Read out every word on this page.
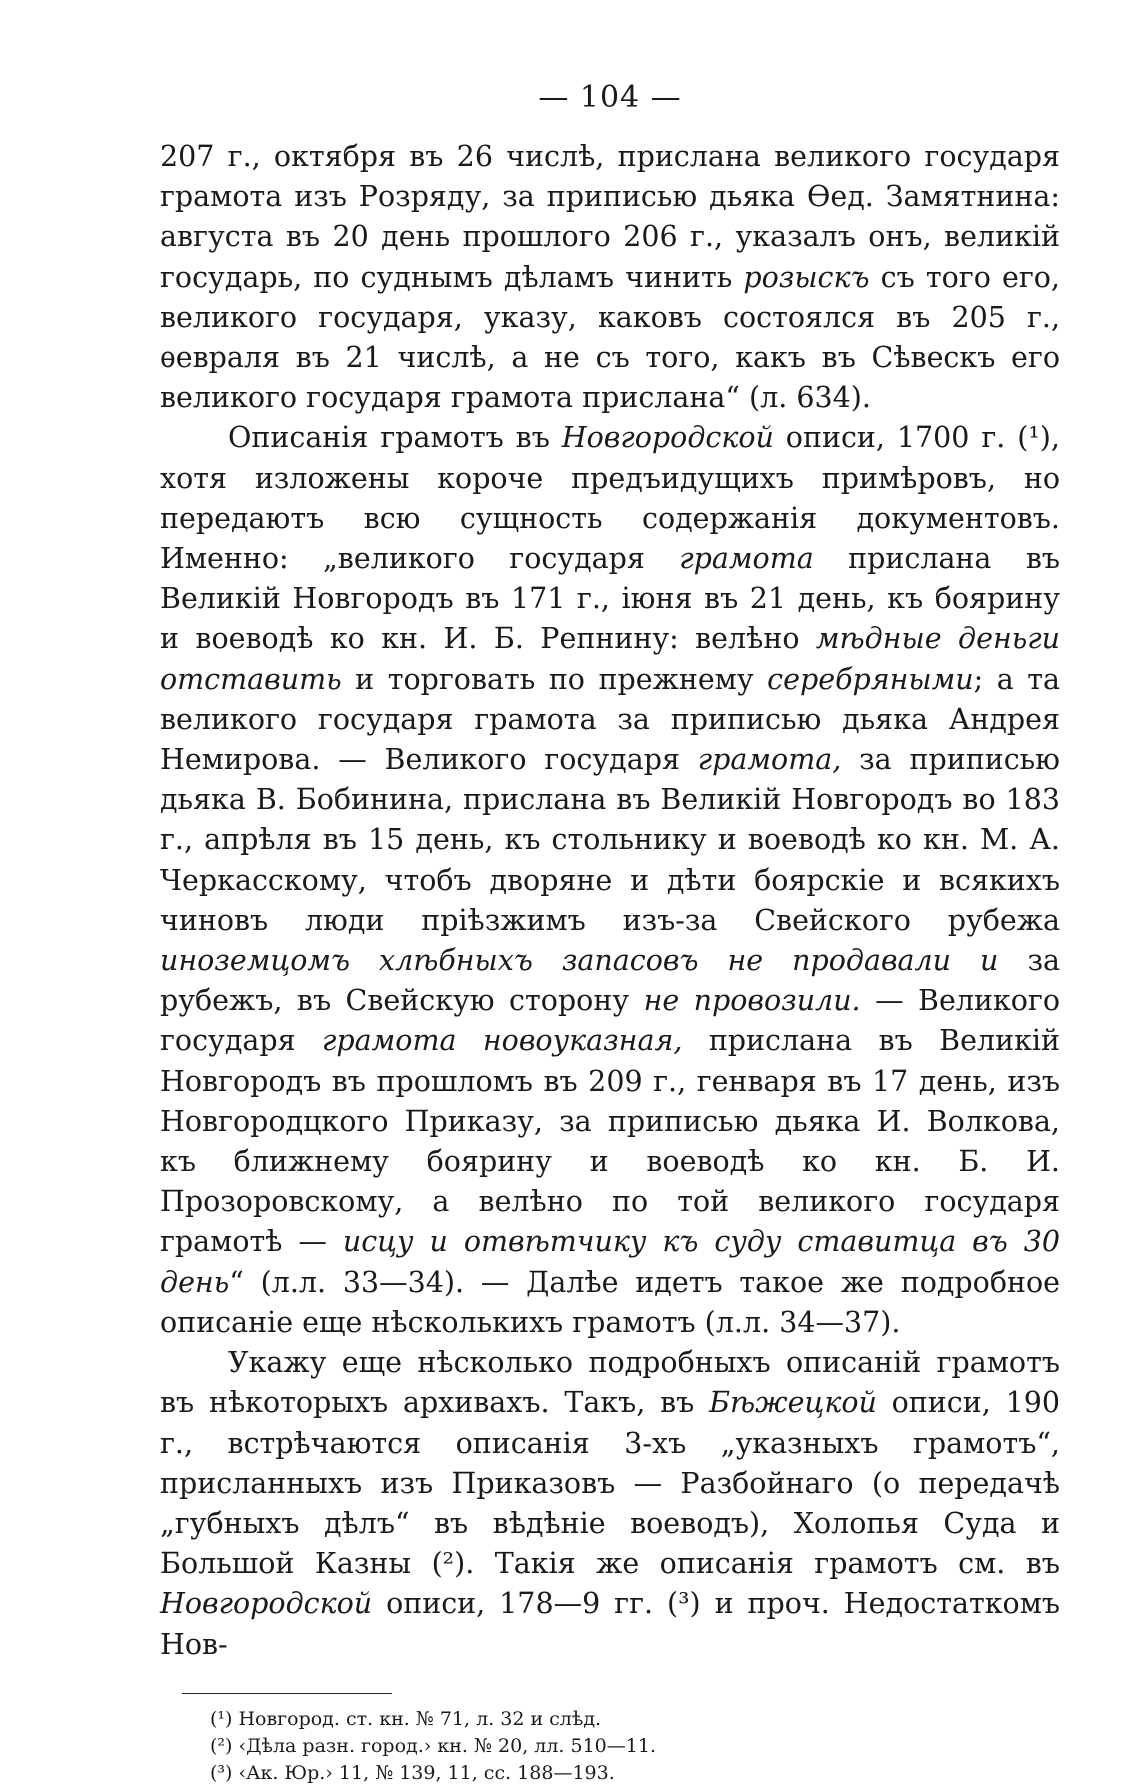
— 104 —

207 г., октября въ 26 числѣ, прислана великого государя грамота изъ Розряду, за приписью дьяка Ѳед. Замятнина: августа въ 20 день прошлого 206 г., указалъ онъ, великій государь, по суднымъ дѣламъ чинить розыскъ съ того его, великого государя, указу, каковъ состоялся въ 205 г., ѳевраля въ 21 числѣ, а не съ того, какъ въ Сѣвескъ его великого государя грамота прислана“ (л. 634).

Описанія грамотъ въ Новгородской описи, 1700 г. (¹), хотя изложены короче предъидущихъ примѣровъ, но передаютъ всю сущность содержанія документовъ. Именно: „великого государя грамота прислана въ Великій Новгородъ въ 171 г., іюня въ 21 день, къ боярину и воеводѣ ко кн. И. Б. Репнину: велѣно мѣдные деньги отставить и торговать по прежнему серебряными; а та великого государя грамота за приписью дьяка Андрея Немирова. — Великого государя грамота, за приписью дьяка В. Бобинина, прислана въ Великій Новгородъ во 183 г., апрѣля въ 15 день, къ стольнику и воеводѣ ко кн. М. А. Черкасскому, чтобъ дворяне и дѣти боярскіе и всякихъ чиновъ люди пріѣзжимъ изъ-за Свейского рубежа иноземцомъ хлѣбныхъ запасовъ не продавали и за рубежъ, въ Свейскую сторону не провозили. — Великого государя грамота новоуказная, прислана въ Великій Новгородъ въ прошломъ въ 209 г., генваря въ 17 день, изъ Новгородцкого Приказу, за приписью дьяка И. Волкова, къ ближнему боярину и воеводѣ ко кн. Б. И. Прозоровскому, а велѣно по той великого государя грамотѣ — исцу и отвѣтчику къ суду ставитца въ 30 день“ (л.л. 33—34). — Далѣе идетъ такое же подробное описаніе еще нѣсколькихъ грамотъ (л.л. 34—37).

Укажу еще нѣсколько подробныхъ описаній грамотъ въ нѣкоторыхъ архивахъ. Такъ, въ Бѣжецкой описи, 190 г., встрѣчаются описанія 3-хъ „указныхъ грамотъ“, присланныхъ изъ Приказовъ — Разбойнаго (о передачѣ „губныхъ дѣлъ“ въ вѣдѣніе воеводъ), Холопья Суда и Большой Казны (²). Такія же описанія грамотъ см. въ Новгородской описи, 178—9 гг. (³) и проч. Недостаткомъ Нов-

(¹) Новгород. ст. кн. № 71, л. 32 и слѣд.
(²) ‹Дѣла разн. город.› кн. № 20, лл. 510—11.
(³) ‹Ак. Юр.› 11, № 139, 11, сс. 188—193.
